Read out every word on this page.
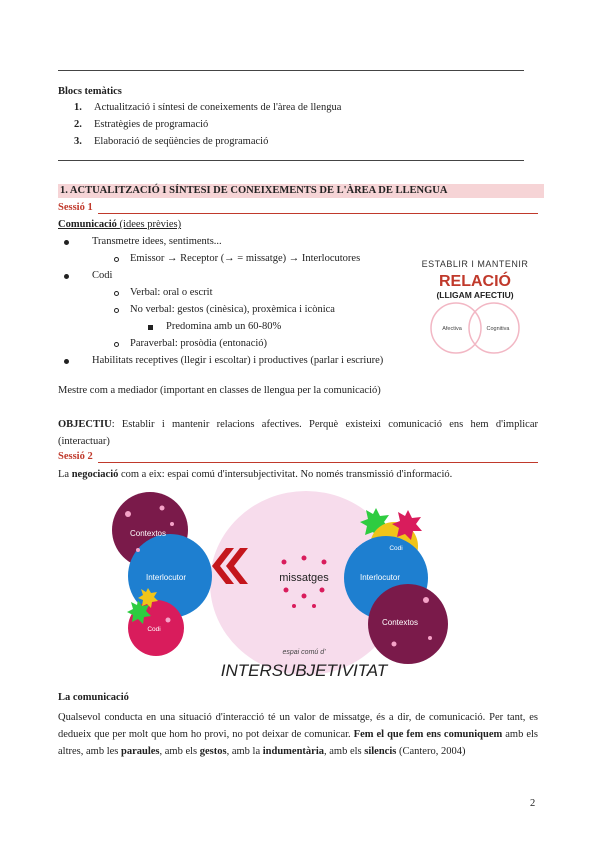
Blocs temàtics
1. Actualització i síntesi de coneixements de l'àrea de llengua
2. Estratègies de programació
3. Elaboració de seqüències de programació
1. ACTUALITZACIÓ I SÍNTESI DE CONEIXEMENTS DE L'ÀREA DE LLENGUA
Sessió 1
Comunicació (idees prèvies)
Transmetre idees, sentiments...
Emissor → Receptor (→ = missatge) → Interlocutores
Codi
Verbal: oral o escrit
No verbal: gestos (cinèsica), proxèmica i icònica
Predomina amb un 60-80%
Paraverbal: prosòdia (entonació)
Habilitats receptives (llegir i escoltar) i productives (parlar i escriure)
ESTABLIR I MANTENIR
RELACIÓ
(LLIGAM AFECTIU)
Afectiva	Cognitiva
Mestre com a mediador (important en classes de llengua per la comunicació)
OBJECTIU: Establir i mantenir relacions afectives. Perquè existeixi comunicació ens hem d'implicar (interactuar)
Sessió 2
La negociació com a eix: espai comú d'intersubjectivitat. No només transmissió d'informació.
Contextos
Interlocutor
Codi
missatges
Codi
Interlocutor
Contextos
espai comú d'
INTERSUBJETIVITAT
La comunicació
Qualsevol conducta en una situació d'interacció té un valor de missatge, és a dir, de comunicació. Per tant, es dedueix que per molt que hom ho provi, no pot deixar de comunicar. Fem el que fem ens comuniquem amb els altres, amb les paraules, amb els gestos, amb la indumentària, amb els silencis (Cantero, 2004)
2
